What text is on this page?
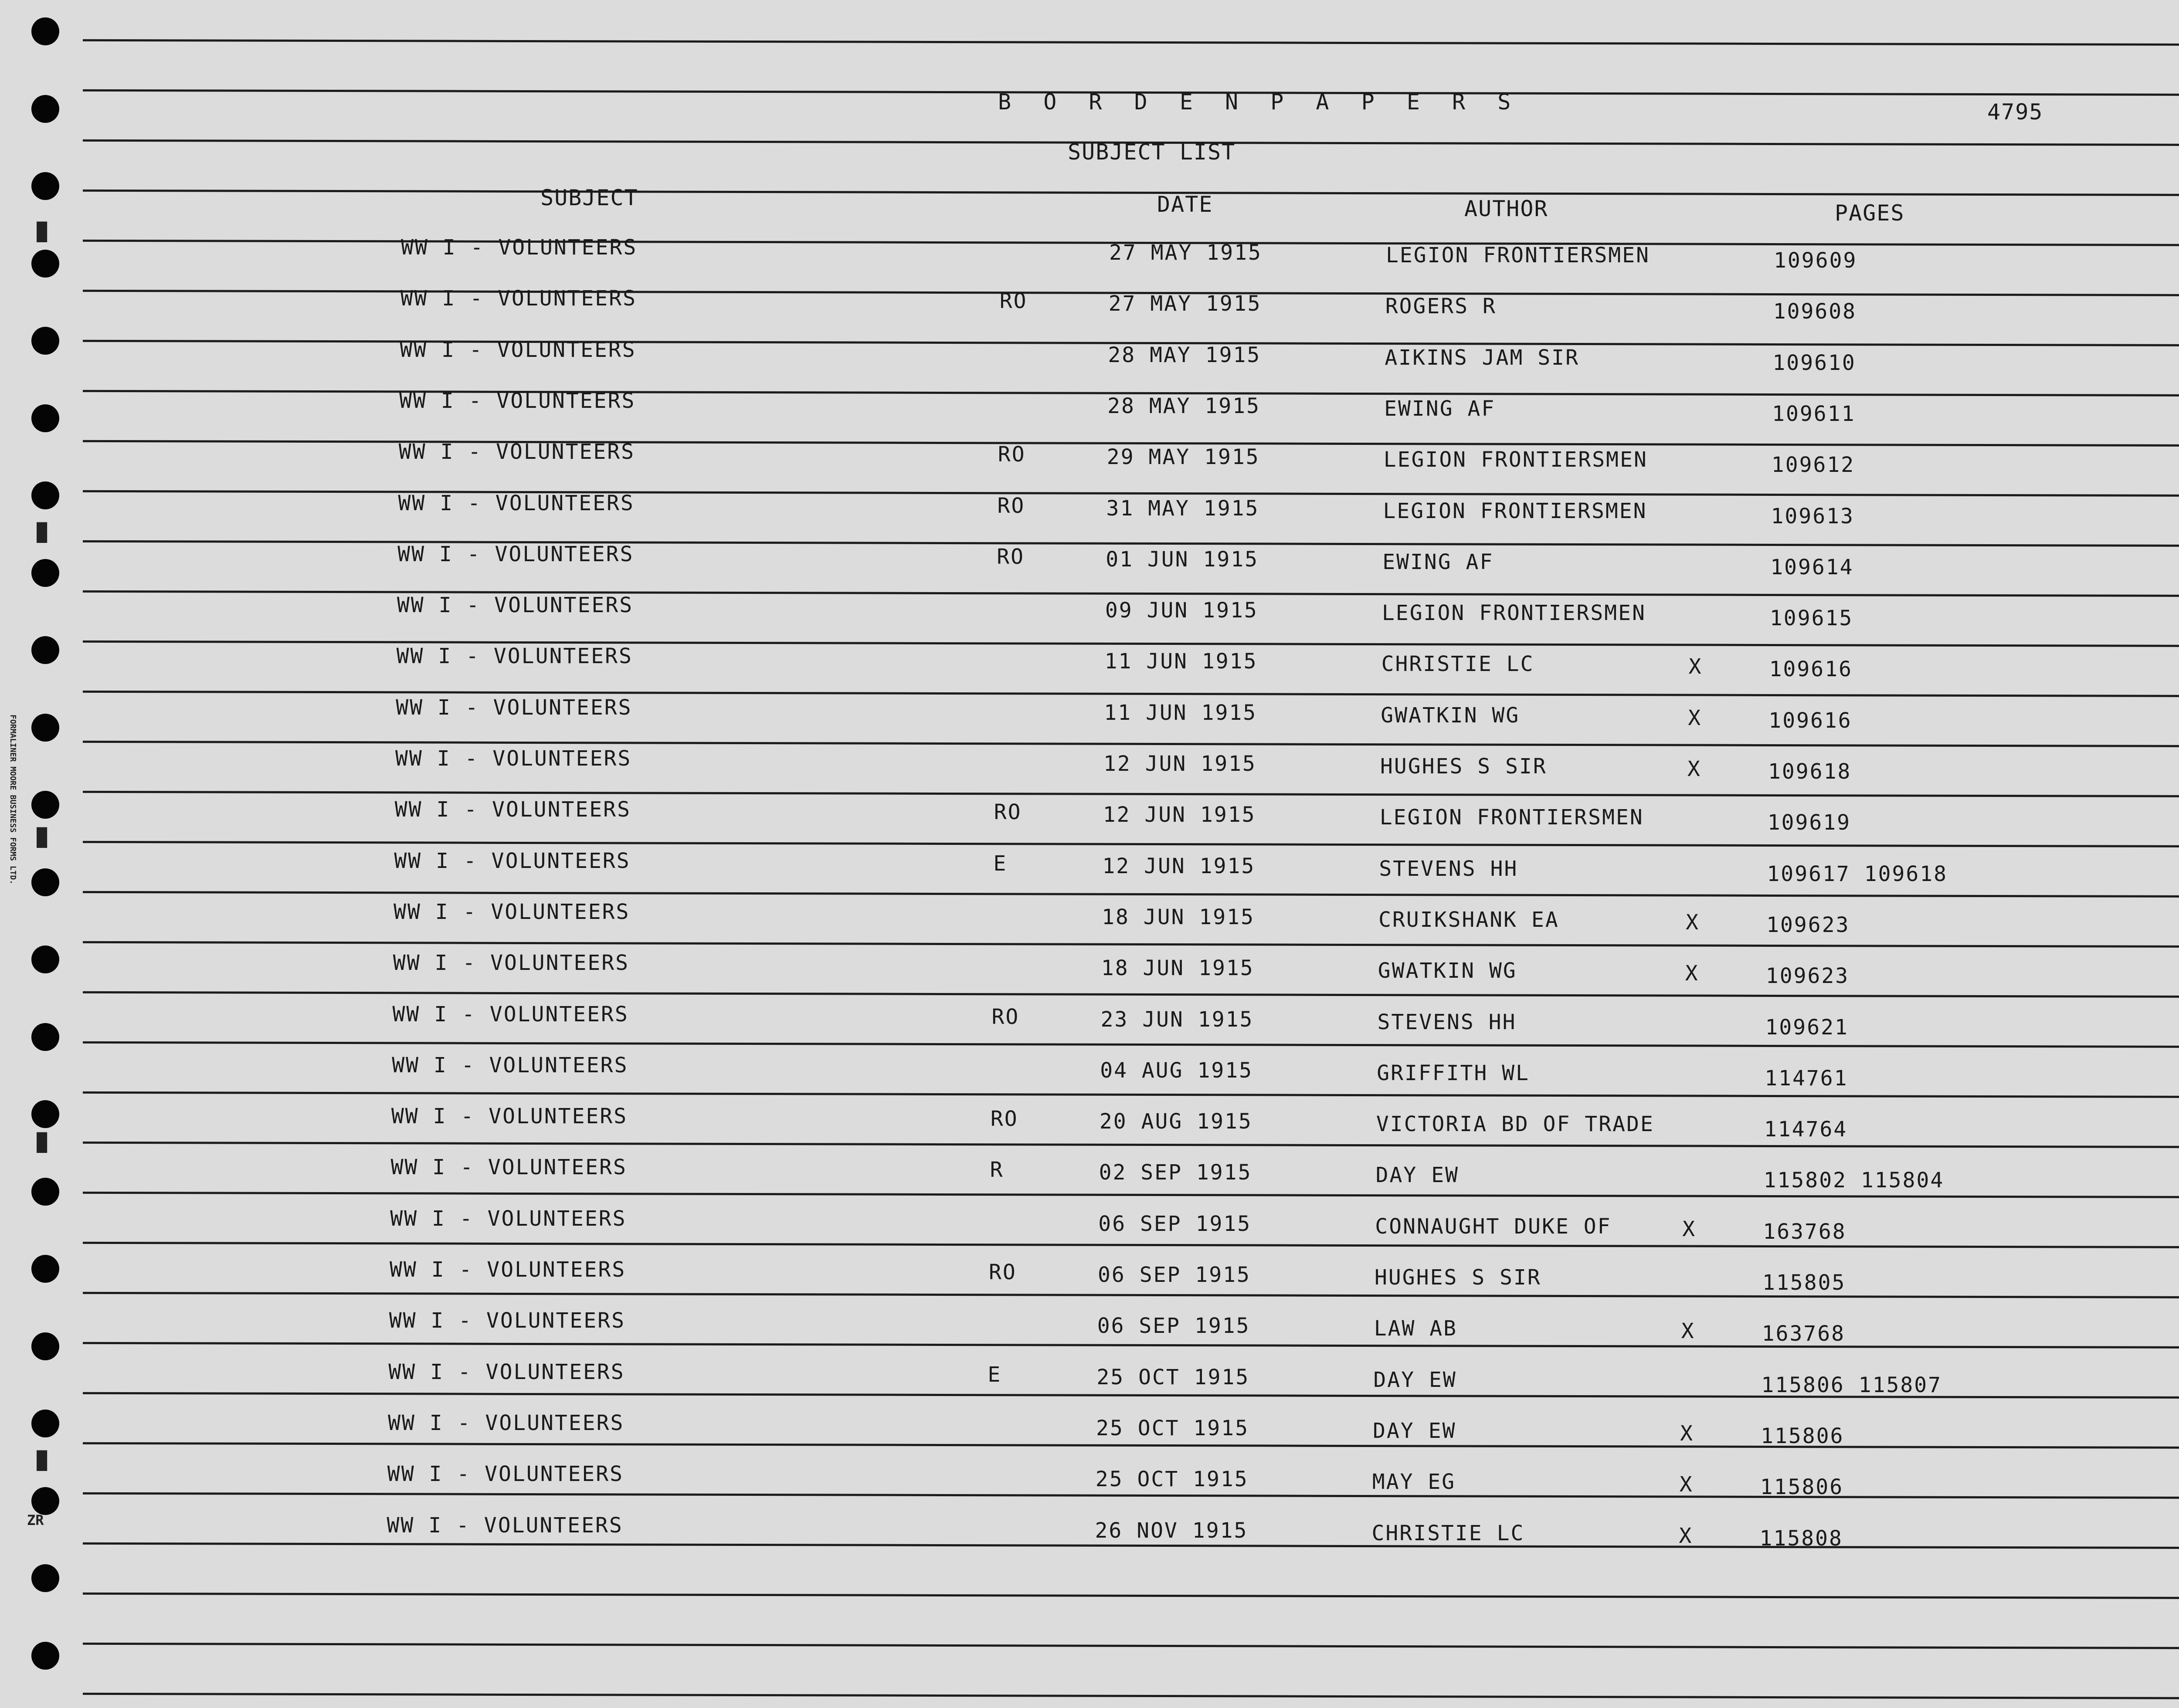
FORMALINER MOORE BUSINESS FORMS LTD.
ZR
B O R D E N P A P E R S	4795
SUBJECT LIST
SUBJECT	DATE	AUTHOR	PAGES
WW I - VOLUNTEERS	27 MAY 1915	LEGION FRONTIERSMEN	109609
WW I - VOLUNTEERS	RO	27 MAY 1915	ROGERS R	109608
WW I - VOLUNTEERS	28 MAY 1915	AIKINS JAM SIR	109610
WW I - VOLUNTEERS	28 MAY 1915	EWING AF	109611
WW I - VOLUNTEERS	RO	29 MAY 1915	LEGION FRONTIERSMEN	109612
WW I - VOLUNTEERS	RO	31 MAY 1915	LEGION FRONTIERSMEN	109613
WW I - VOLUNTEERS	RO	01 JUN 1915	EWING AF	109614
WW I - VOLUNTEERS	09 JUN 1915	LEGION FRONTIERSMEN	109615
WW I - VOLUNTEERS	11 JUN 1915	CHRISTIE LC	X	109616
WW I - VOLUNTEERS	11 JUN 1915	GWATKIN WG	X	109616
WW I - VOLUNTEERS	12 JUN 1915	HUGHES S SIR	X	109618
WW I - VOLUNTEERS	RO	12 JUN 1915	LEGION FRONTIERSMEN	109619
WW I - VOLUNTEERS	E	12 JUN 1915	STEVENS HH	109617 109618
WW I - VOLUNTEERS	18 JUN 1915	CRUIKSHANK EA	X	109623
WW I - VOLUNTEERS	18 JUN 1915	GWATKIN WG	X	109623
WW I - VOLUNTEERS	RO	23 JUN 1915	STEVENS HH	109621
WW I - VOLUNTEERS	04 AUG 1915	GRIFFITH WL	114761
WW I - VOLUNTEERS	RO	20 AUG 1915	VICTORIA BD OF TRADE	114764
WW I - VOLUNTEERS	R	02 SEP 1915	DAY EW	115802 115804
WW I - VOLUNTEERS	06 SEP 1915	CONNAUGHT DUKE OF	X	163768
WW I - VOLUNTEERS	RO	06 SEP 1915	HUGHES S SIR	115805
WW I - VOLUNTEERS	06 SEP 1915	LAW AB	X	163768
WW I - VOLUNTEERS	E	25 OCT 1915	DAY EW	115806 115807
WW I - VOLUNTEERS	25 OCT 1915	DAY EW	X	115806
WW I - VOLUNTEERS	25 OCT 1915	MAY EG	X	115806
WW I - VOLUNTEERS	26 NOV 1915	CHRISTIE LC	X	115808
▐▌
▐▌
▐▌
▐▌
▐▌
